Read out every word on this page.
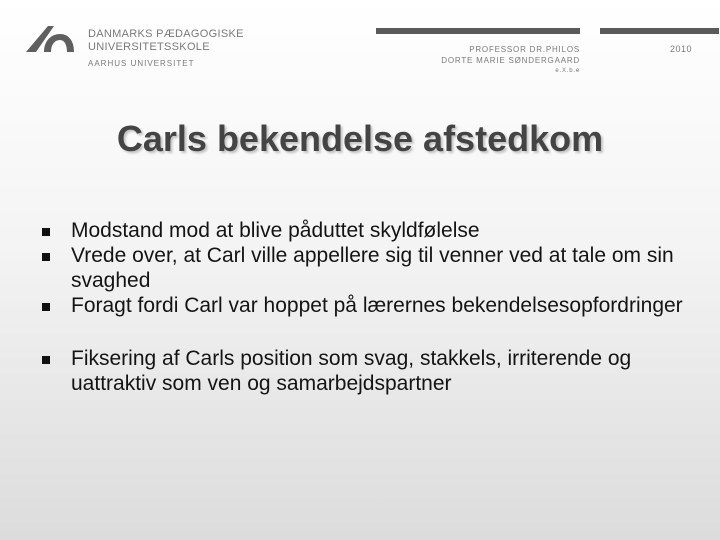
DANMARKS PÆDAGOGISKE
UNIVERSITETSSKOLE
AARHUS UNIVERSITET
PROFESSOR DR.PHILOS
DORTE MARIE SØNDERGAARD
e.X.b.e
2010
Carls bekendelse afstedkom
Modstand mod at blive påduttet skyldfølelse
Vrede over, at Carl ville appellere sig til venner ved at tale om sin svaghed
Foragt fordi Carl var hoppet på lærernes bekendelsesopfordringer
Fiksering af Carls position som svag, stakkels, irriterende og uattraktiv som ven og samarbejdspartner
